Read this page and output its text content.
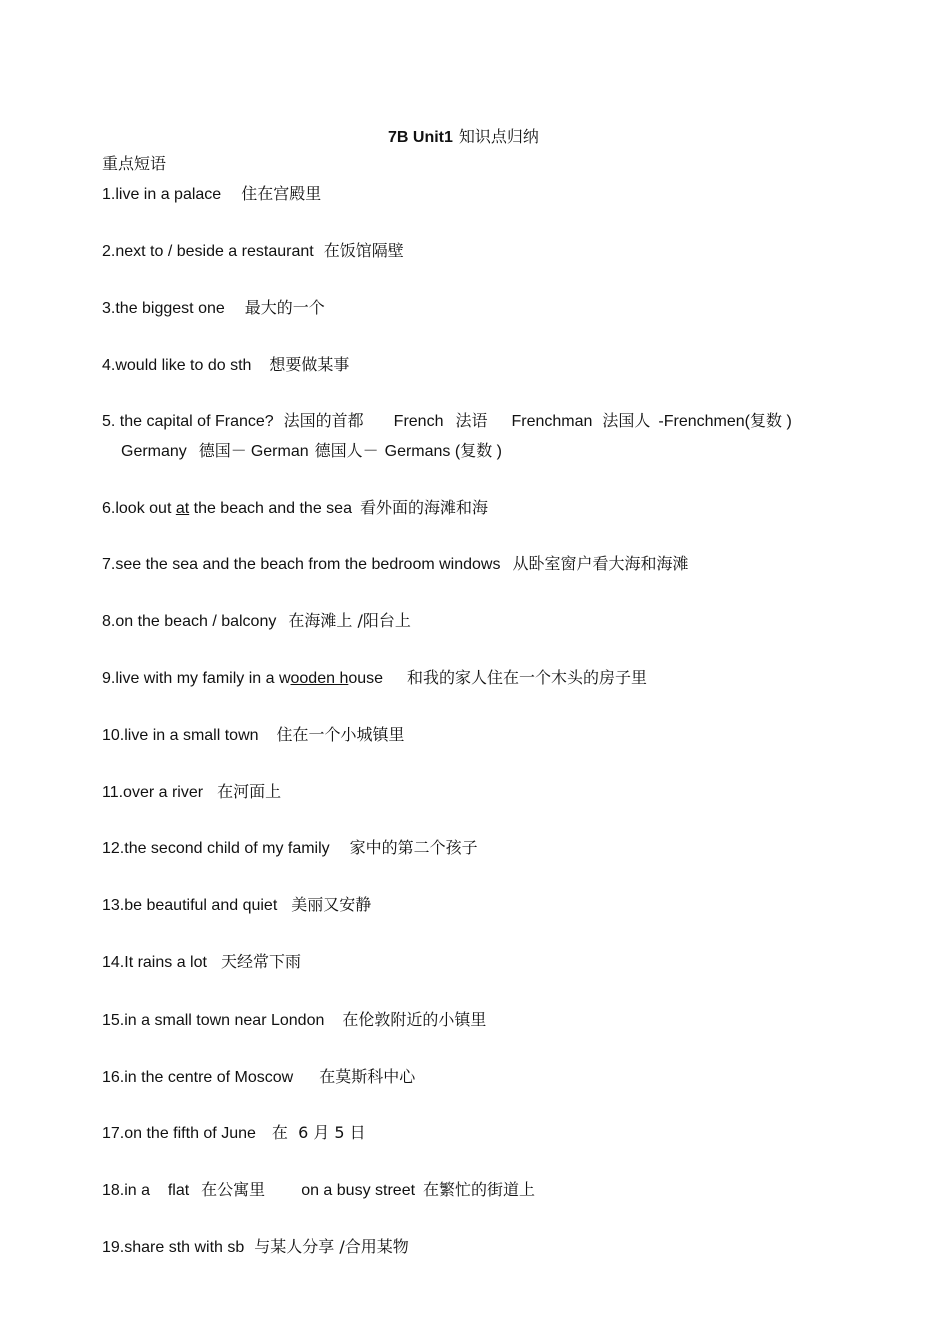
7B Unit1 知识点归纳
重点短语
1.live in a palace 住在宫殿里
2.next to / beside a restaurant 在饭馆隔壁
3.the biggest one 最大的一个
4.would like to do sth 想要做某事
5. the capital of France? 法国的首都 French 法语 Frenchman 法国人 -Frenchmen(复数 )
Germany 德国－ German 德国人－ Germans (复数 )
6.look out at the beach and the sea 看外面的海滩和海
7.see the sea and the beach from the bedroom windows 从卧室窗户看大海和海滩
8.on the beach / balcony 在海滩上 /阳台上
9.live with my family in a wooden house 和我的家人住在一个木头的房子里
10.live in a small town 住在一个小城镇里
11.over a river 在河面上
12.the second child of my family 家中的第二个孩子
13.be beautiful and quiet 美丽又安静
14.It rains a lot 天经常下雨
15.in a small town near London 在伦敦附近的小镇里
16.in the centre of Moscow 在莫斯科中心
17.on the fifth of June 在  6 月 5 日
18.in a    flat 在公寓里 on a busy street 在繁忙的街道上
19.share sth with sb 与某人分享 /合用某物
